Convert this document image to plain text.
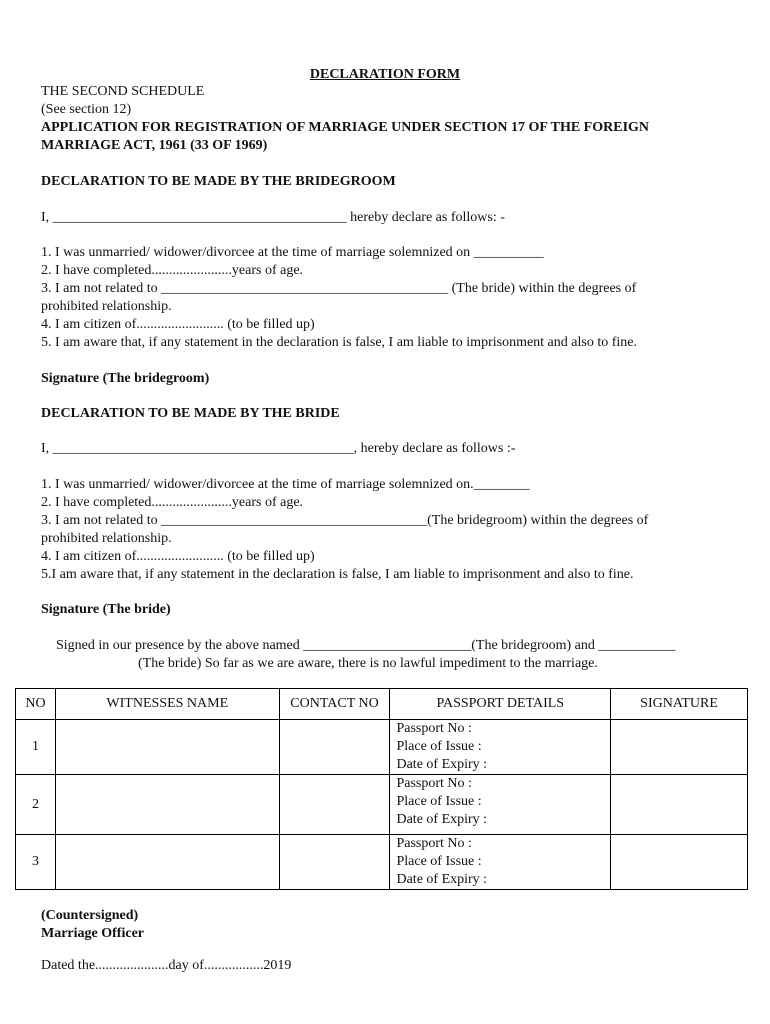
DECLARATION FORM
THE SECOND SCHEDULE
(See section 12)
APPLICATION FOR REGISTRATION OF MARRIAGE UNDER SECTION 17 OF THE FOREIGN
MARRIAGE ACT, 1961 (33 OF 1969)
DECLARATION TO BE MADE BY THE BRIDEGROOM
I, __________________________________________ hereby declare as follows: -
1. I was unmarried/ widower/divorcee at the time of marriage solemnized on __________
2. I have completed.......................years of age.
3. I am not related to _________________________________________ (The bride) within the degrees of
prohibited relationship.
4. I am citizen of......................... (to be filled up)
5. I am aware that, if any statement in the declaration is false, I am liable to imprisonment and also to fine.
Signature (The bridegroom)
DECLARATION TO BE MADE BY THE BRIDE
I, ___________________________________________, hereby declare as follows :-
1. I was unmarried/ widower/divorcee at the time of marriage solemnized on.________
2. I have completed.......................years of age.
3. I am not related to ______________________________________(The bridegroom) within the degrees of
prohibited relationship.
4. I am citizen of......................... (to be filled up)
5.I am aware that, if any statement in the declaration is false, I am liable to imprisonment and also to fine.
Signature (The bride)
Signed in our presence by the above named ________________________(The bridegroom) and ___________
(The bride) So far as we are aware, there is no lawful impediment to the marriage.
NO	WITNESSES NAME	CONTACT NO	PASSPORT DETAILS	SIGNATURE
1			Passport No :
Place of Issue :
Date of Expiry :	

2			Passport No :
Place of Issue :
Date of Expiry :	

3			Passport No :
Place of Issue :
Date of Expiry :	

(Countersigned)
Marriage Officer
Dated the.....................day of.................2019
